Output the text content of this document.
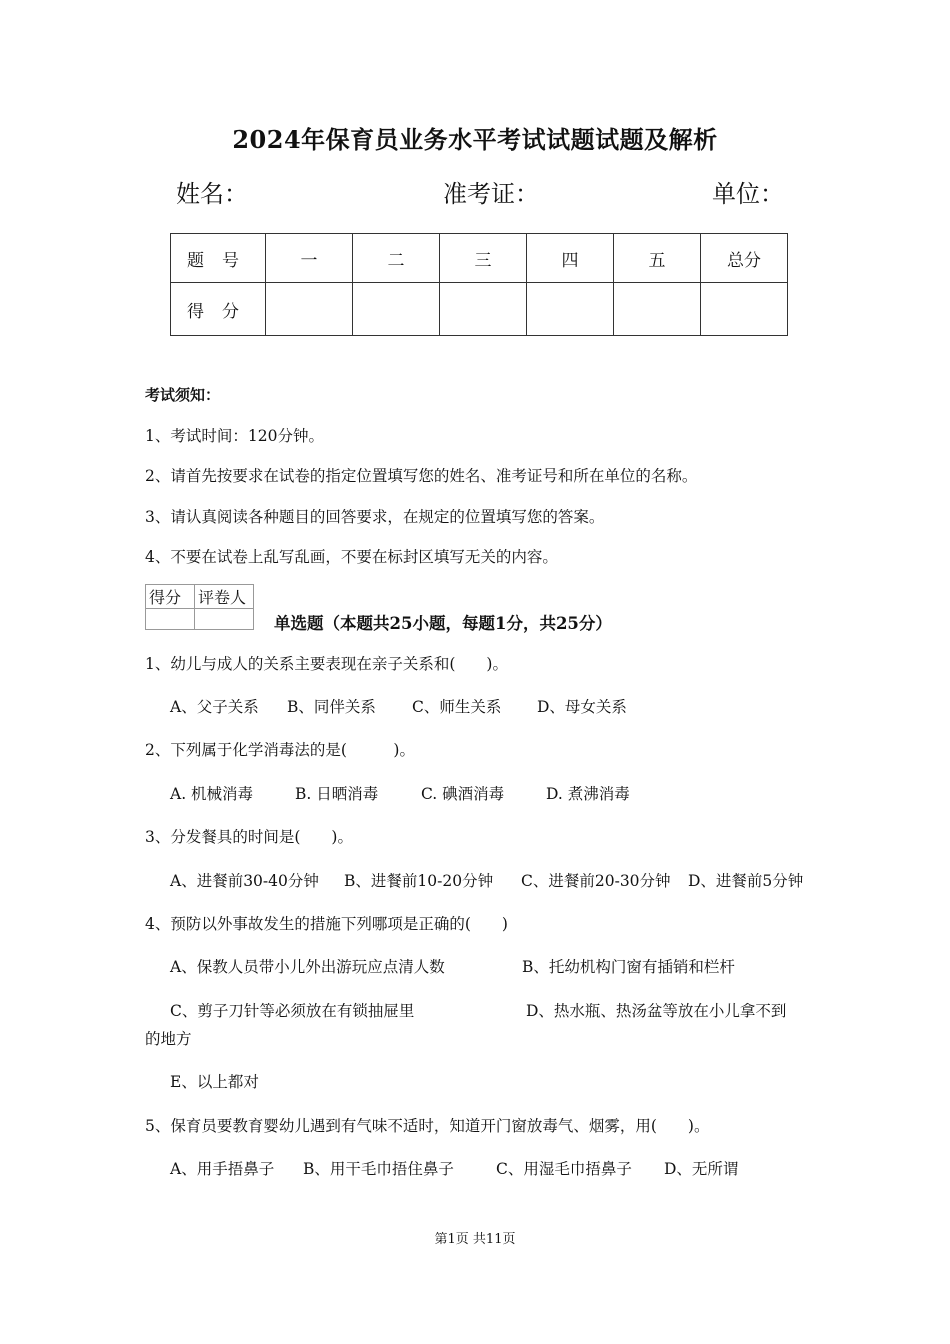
2024年保育员业务水平考试试题试题及解析
姓名：	准考证：	单位：
题号	一	二	三	四	五	总分
得分						
考试须知：
1、考试时间：120分钟。
2、请首先按要求在试卷的指定位置填写您的姓名、准考证号和所在单位的名称。
3、请认真阅读各种题目的回答要求，在规定的位置填写您的答案。
4、不要在试卷上乱写乱画，不要在标封区填写无关的内容。
得分	评卷人

单选题（本题共25小题，每题1分，共25分）
1、幼儿与成人的关系主要表现在亲子关系和(　　)。
A、父子关系 B、同伴关系 C、师生关系 D、母女关系
2、下列属于化学消毒法的是(　　　)。
A. 机械消毒	B. 日晒消毒	C. 碘酒消毒	D. 煮沸消毒
3、分发餐具的时间是(　　)。
A、进餐前30-40分钟 B、进餐前10-20分钟 C、进餐前20-30分钟 D、进餐前5分钟
4、预防以外事故发生的措施下列哪项是正确的(　　)
A、保教人员带小儿外出游玩应点清人数	B、托幼机构门窗有插销和栏杆
C、剪子刀针等必须放在有锁抽屉里	D、热水瓶、热汤盆等放在小儿拿不到
的地方
E、以上都对
5、保育员要教育婴幼儿遇到有气味不适时，知道开门窗放毒气、烟雾，用(　　)。
A、用手捂鼻子 B、用干毛巾捂住鼻子	C、用湿毛巾捂鼻子 D、无所谓
第1页 共11页
